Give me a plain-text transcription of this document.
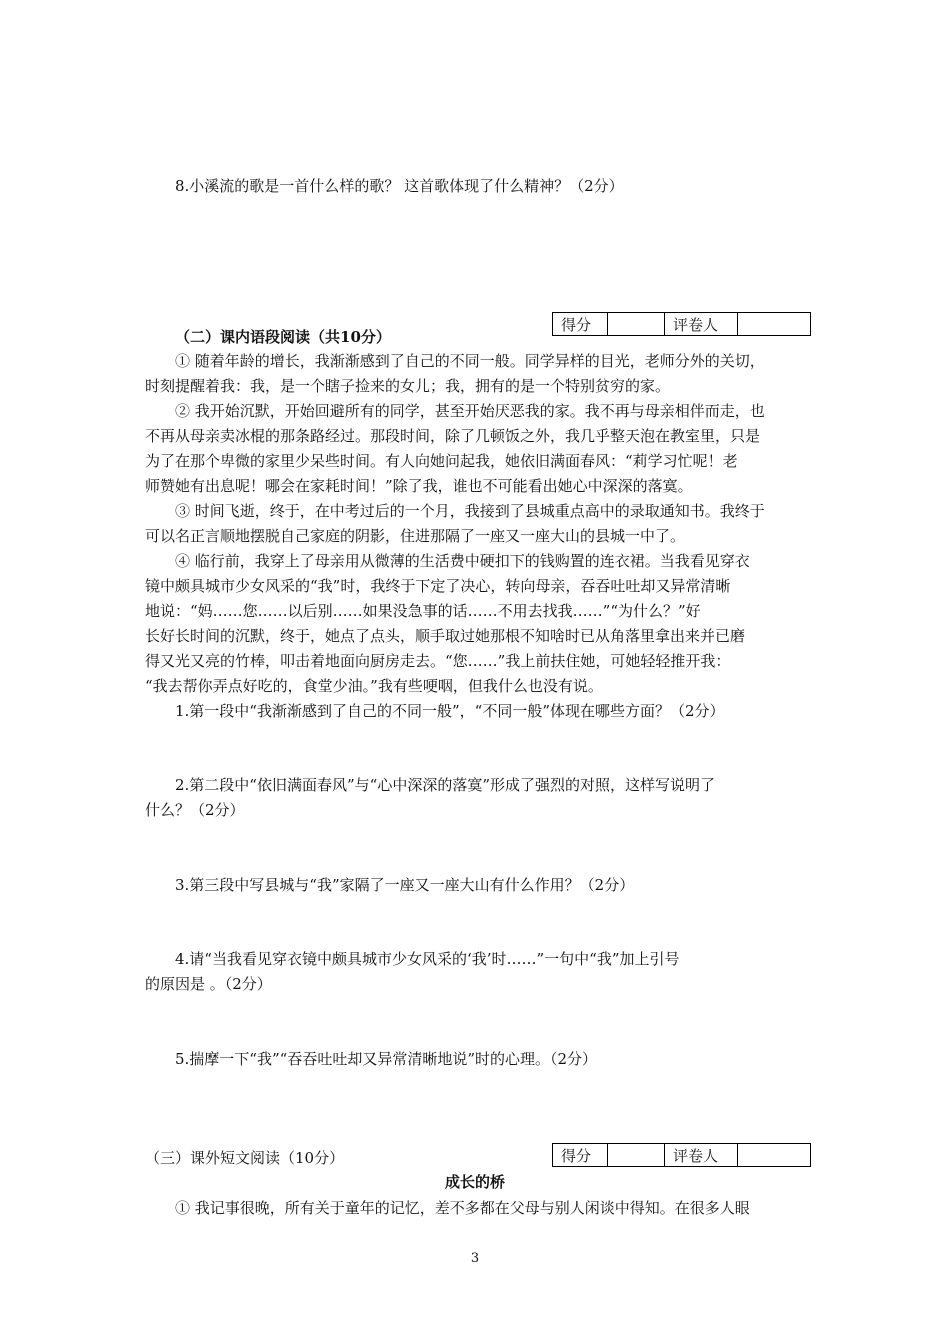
8.小溪流的歌是一首什么样的歌？ 这首歌体现了什么精神？（2分）
得分		评卷人	
（二）课内语段阅读（共10分）
① 随着年龄的增长，我渐渐感到了自己的不同一般。同学异样的目光，老师分外的关切，
时刻提醒着我：我，是一个瞎子捡来的女儿；我，拥有的是一个特别贫穷的家。
② 我开始沉默，开始回避所有的同学，甚至开始厌恶我的家。我不再与母亲相伴而走，也
不再从母亲卖冰棍的那条路经过。那段时间，除了几顿饭之外，我几乎整天泡在教室里，只是
为了在那个卑微的家里少呆些时间。有人向她问起我，她依旧满面春风：“莉学习忙呢！老
师赞她有出息呢！哪会在家耗时间！”除了我，谁也不可能看出她心中深深的落寞。
③ 时间飞逝，终于，在中考过后的一个月，我接到了县城重点高中的录取通知书。我终于
可以名正言顺地摆脱自己家庭的阴影，住进那隔了一座又一座大山的县城一中了。
④ 临行前，我穿上了母亲用从微薄的生活费中硬扣下的钱购置的连衣裙。当我看见穿衣
镜中颇具城市少女风采的“我”时，我终于下定了决心，转向母亲，吞吞吐吐却又异常清晰
地说：“妈……您……以后别……如果没急事的话……不用去找我……”“为什么？”好
长好长时间的沉默，终于，她点了点头，顺手取过她那根不知啥时已从角落里拿出来并已磨
得又光又亮的竹棒，叩击着地面向厨房走去。“您……”我上前扶住她，可她轻轻推开我：
“我去帮你弄点好吃的，食堂少油。”我有些哽咽，但我什么也没有说。
1.第一段中“我渐渐感到了自己的不同一般”，“不同一般”体现在哪些方面？（2分）
2.第二段中“依旧满面春风”与“心中深深的落寞”形成了强烈的对照，这样写说明了
什么？（2分）
3.第三段中写县城与“我”家隔了一座又一座大山有什么作用？（2分）
4.请“当我看见穿衣镜中颇具城市少女风采的‘我’时……”一句中“我”加上引号
的原因是 。（2分）
5.揣摩一下“我”“吞吞吐吐却又异常清晰地说”时的心理。（2分）
（三）课外短文阅读（10分）	得分		评卷人	
成长的桥
① 我记事很晚，所有关于童年的记忆，差不多都在父母与别人闲谈中得知。在很多人眼
3
